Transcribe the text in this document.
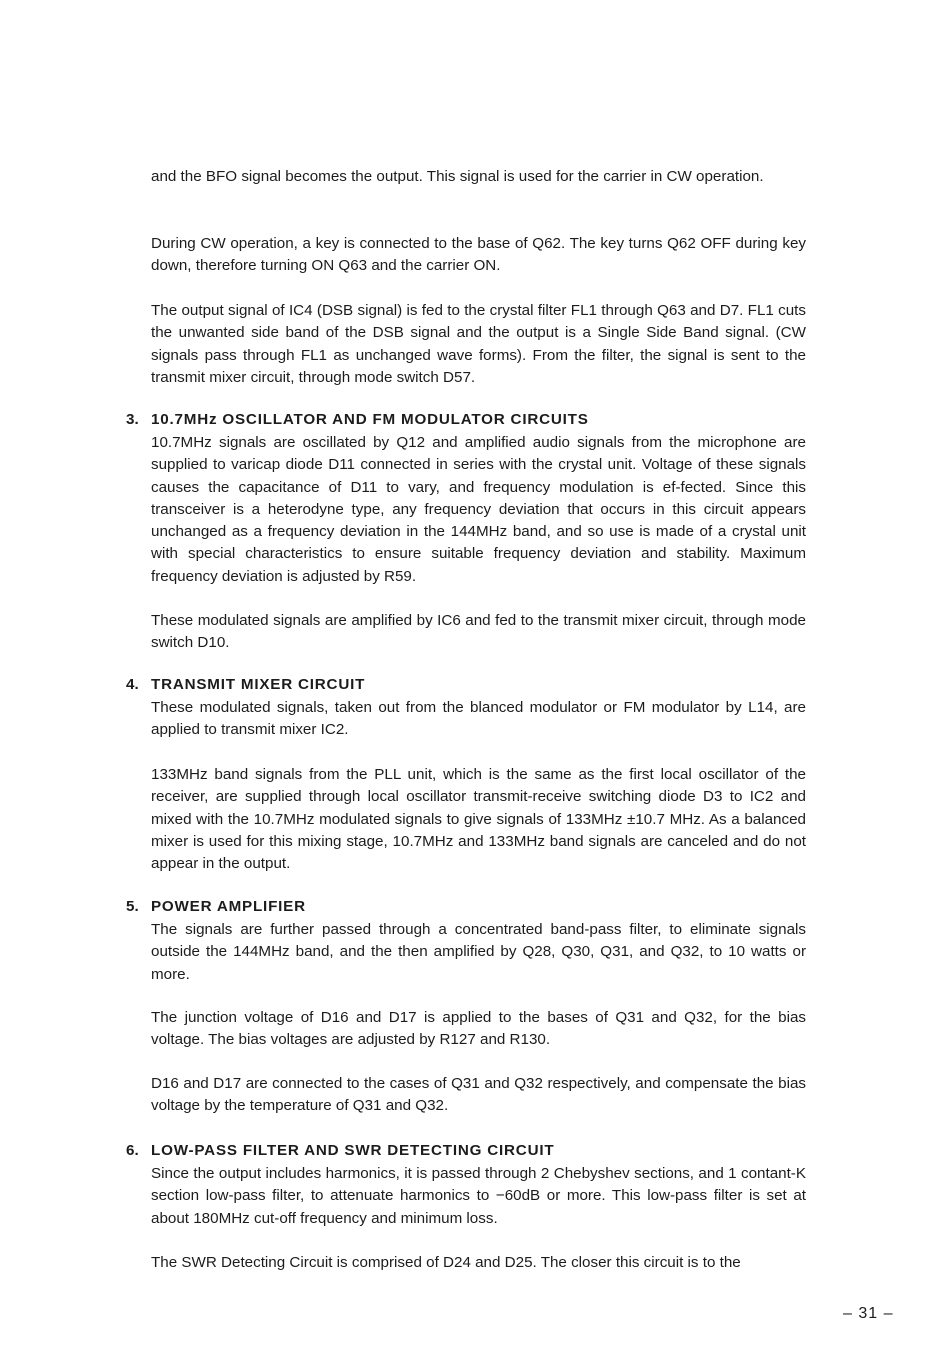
and the BFO signal becomes the output. This signal is used for the carrier in CW operation.

During CW operation, a key is connected to the base of Q62. The key turns Q62 OFF during key down, therefore turning ON Q63 and the carrier ON.

The output signal of IC4 (DSB signal) is fed to the crystal filter FL1 through Q63 and D7. FL1 cuts the unwanted side band of the DSB signal and the output is a Single Side Band signal. (CW signals pass through FL1 as unchanged wave forms). From the filter, the signal is sent to the transmit mixer circuit, through mode switch D57.

3. 10.7MHz OSCILLATOR AND FM MODULATOR CIRCUITS

10.7MHz signals are oscillated by Q12 and amplified audio signals from the microphone are supplied to varicap diode D11 connected in series with the crystal unit. Voltage of these signals causes the capacitance of D11 to vary, and frequency modulation is ef-fected. Since this transceiver is a heterodyne type, any frequency deviation that occurs in this circuit appears unchanged as a frequency deviation in the 144MHz band, and so use is made of a crystal unit with special characteristics to ensure suitable frequency deviation and stability. Maximum frequency deviation is adjusted by R59.

These modulated signals are amplified by IC6 and fed to the transmit mixer circuit, through mode switch D10.

4. TRANSMIT MIXER CIRCUIT

These modulated signals, taken out from the blanced modulator or FM modulator by L14, are applied to transmit mixer IC2.

133MHz band signals from the PLL unit, which is the same as the first local oscillator of the receiver, are supplied through local oscillator transmit-receive switching diode D3 to IC2 and mixed with the 10.7MHz modulated signals to give signals of 133MHz ±10.7 MHz. As a balanced mixer is used for this mixing stage, 10.7MHz and 133MHz band signals are canceled and do not appear in the output.

5. POWER AMPLIFIER

The signals are further passed through a concentrated band-pass filter, to eliminate signals outside the 144MHz band, and the then amplified by Q28, Q30, Q31, and Q32, to 10 watts or more.

The junction voltage of D16 and D17 is applied to the bases of Q31 and Q32, for the bias voltage. The bias voltages are adjusted by R127 and R130.

D16 and D17 are connected to the cases of Q31 and Q32 respectively, and compensate the bias voltage by the temperature of Q31 and Q32.

6. LOW-PASS FILTER AND SWR DETECTING CIRCUIT

Since the output includes harmonics, it is passed through 2 Chebyshev sections, and 1 contant-K section low-pass filter, to attenuate harmonics to −60dB or more. This low-pass filter is set at about 180MHz cut-off frequency and minimum loss.

The SWR Detecting Circuit is comprised of D24 and D25. The closer this circuit is to the

– 31 –
